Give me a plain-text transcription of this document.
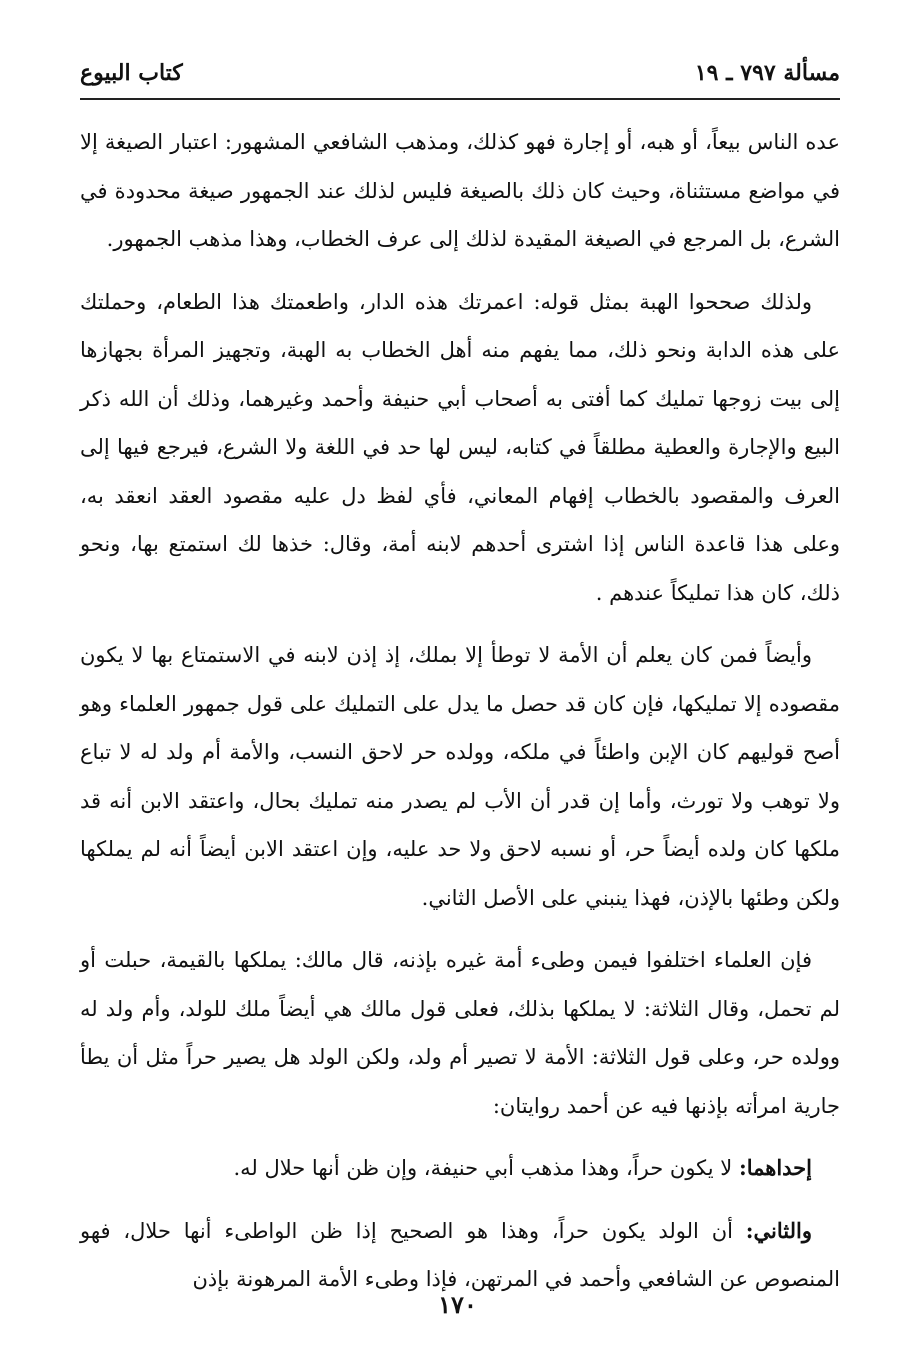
مسألة ٧٩٧ ـ ١٩
كتاب البيوع

عده الناس بيعاً، أو هبه، أو إجارة فهو كذلك، ومذهب الشافعي المشهور: اعتبار الصيغة إلا في مواضع مستثناة، وحيث كان ذلك بالصيغة فليس لذلك عند الجمهور صيغة محدودة في الشرع، بل المرجع في الصيغة المقيدة لذلك إلى عرف الخطاب، وهذا مذهب الجمهور.

ولذلك صححوا الهبة بمثل قوله: اعمرتك هذه الدار، واطعمتك هذا الطعام، وحملتك على هذه الدابة ونحو ذلك، مما يفهم منه أهل الخطاب به الهبة، وتجهيز المرأة بجهازها إلى بيت زوجها تمليك كما أفتى به أصحاب أبي حنيفة وأحمد وغيرهما، وذلك أن الله ذكر البيع والإجارة والعطية مطلقاً في كتابه، ليس لها حد في اللغة ولا الشرع، فيرجع فيها إلى العرف والمقصود بالخطاب إفهام المعاني، فأي لفظ دل عليه مقصود العقد انعقد به، وعلى هذا قاعدة الناس إذا اشترى أحدهم لابنه أمة، وقال: خذها لك استمتع بها، ونحو ذلك، كان هذا تمليكاً عندهم .

وأيضاً فمن كان يعلم أن الأمة لا توطأ إلا بملك، إذ إذن لابنه في الاستمتاع بها لا يكون مقصوده إلا تمليكها، فإن كان قد حصل ما يدل على التمليك على قول جمهور العلماء وهو أصح قوليهم كان الإبن واطئاً في ملكه، وولده حر لاحق النسب، والأمة أم ولد له لا تباع ولا توهب ولا تورث، وأما إن قدر أن الأب لم يصدر منه تمليك بحال، واعتقد الابن أنه قد ملكها كان ولده أيضاً حر، أو نسبه لاحق ولا حد عليه، وإن اعتقد الابن أيضاً أنه لم يملكها ولكن وطئها بالإذن، فهذا ينبني على الأصل الثاني.

فإن العلماء اختلفوا فيمن وطىء أمة غيره بإذنه، قال مالك: يملكها بالقيمة، حبلت أو لم تحمل، وقال الثلاثة: لا يملكها بذلك، فعلى قول مالك هي أيضاً ملك للولد، وأم ولد له وولده حر، وعلى قول الثلاثة: الأمة لا تصير أم ولد، ولكن الولد هل يصير حراً مثل أن يطأ جارية امرأته بإذنها فيه عن أحمد روايتان:

إحداهما: لا يكون حراً، وهذا مذهب أبي حنيفة، وإن ظن أنها حلال له.

والثاني: أن الولد يكون حراً، وهذا هو الصحيح إذا ظن الواطىء أنها حلال، فهو المنصوص عن الشافعي وأحمد في المرتهن، فإذا وطىء الأمة المرهونة بإذن

١٧٠
